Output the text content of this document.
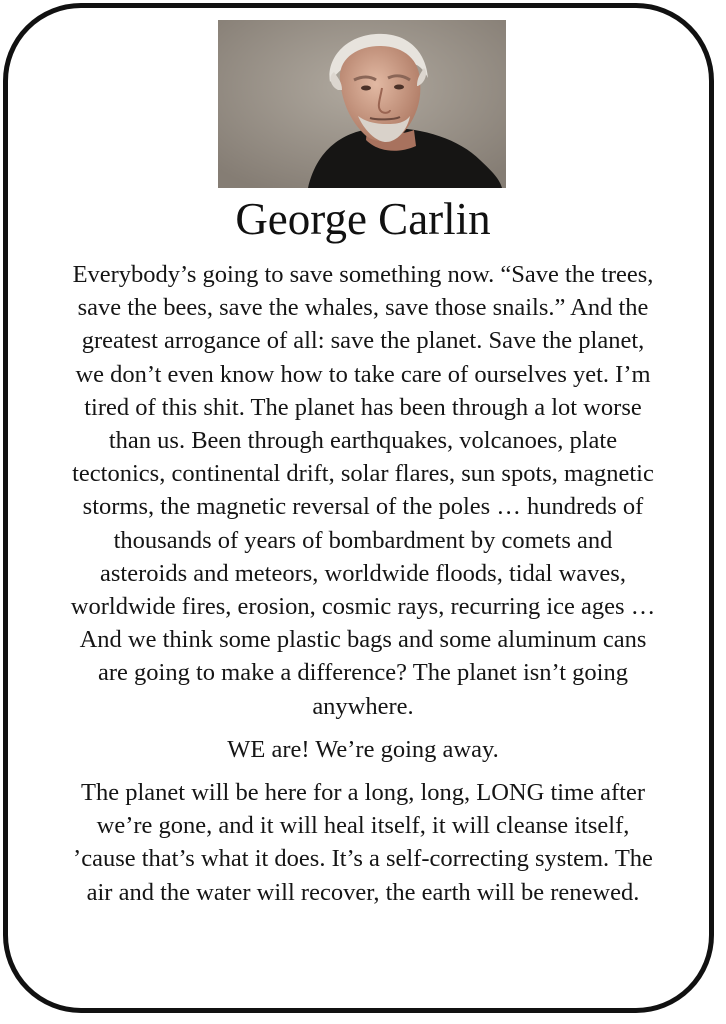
George Carlin

Everybody’s going to save something now. “Save the trees, save the bees, save the whales, save those snails.” And the greatest arrogance of all: save the planet. Save the planet, we don’t even know how to take care of ourselves yet. I’m tired of this shit. The planet has been through a lot worse than us. Been through earthquakes, volcanoes, plate tectonics, continental drift, solar flares, sun spots, magnetic storms, the magnetic reversal of the poles … hundreds of thousands of years of bombardment by comets and asteroids and meteors, worldwide floods, tidal waves, worldwide fires, erosion, cosmic rays, recurring ice ages … And we think some plastic bags and some aluminum cans are going to make a difference? The planet isn’t going anywhere.

WE are! We’re going away.

The planet will be here for a long, long, LONG time after we’re gone, and it will heal itself, it will cleanse itself, ’cause that’s what it does. It’s a self-correcting system. The air and the water will recover, the earth will be renewed.
